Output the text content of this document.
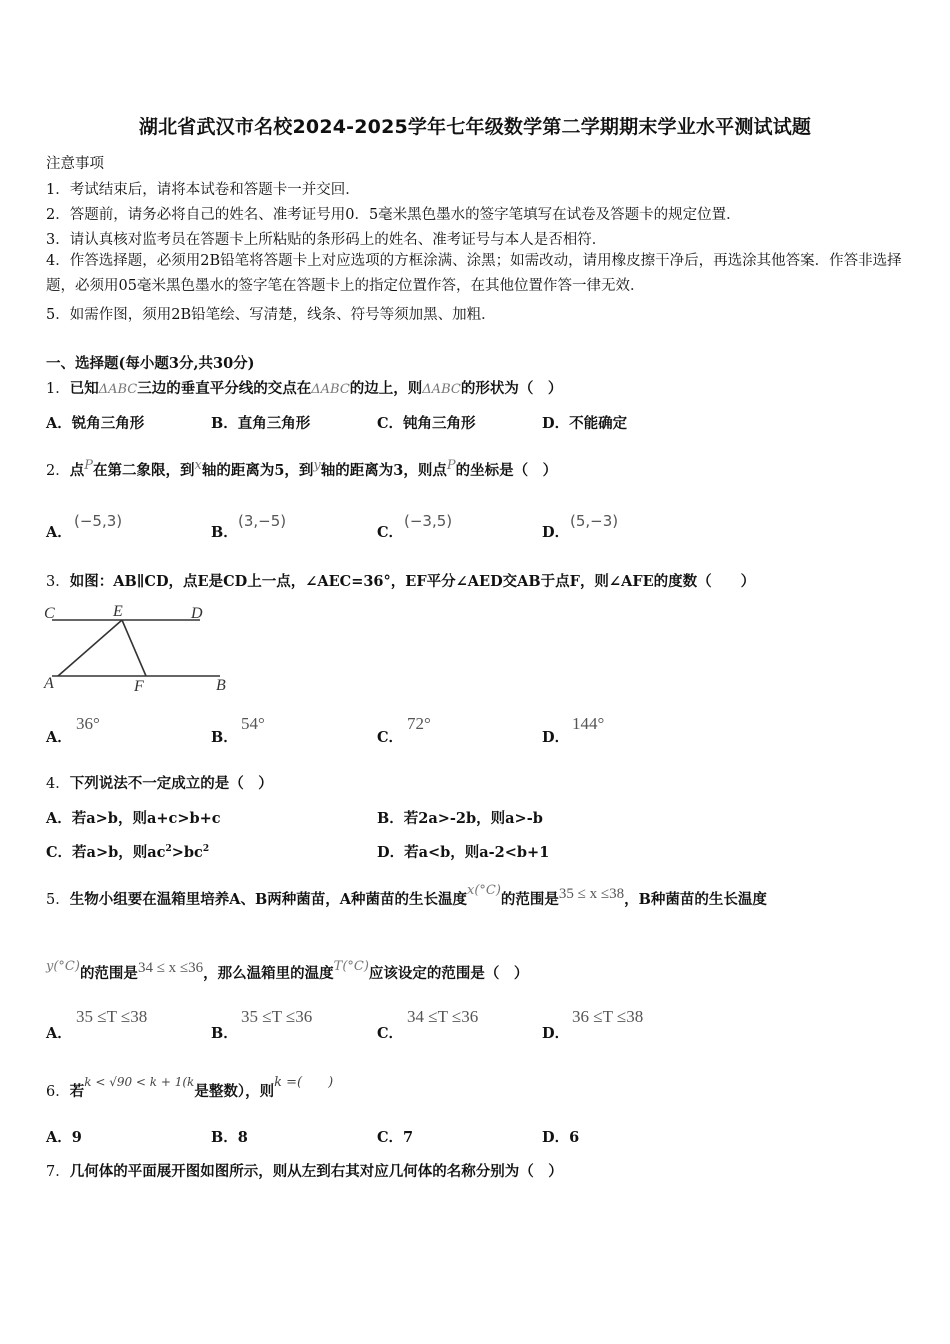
湖北省武汉市名校2024-2025学年七年级数学第二学期期末学业水平测试试题
注意事项
1．考试结束后，请将本试卷和答题卡一并交回．
2．答题前，请务必将自己的姓名、准考证号用0．5毫米黑色墨水的签字笔填写在试卷及答题卡的规定位置．
3．请认真核对监考员在答题卡上所粘贴的条形码上的姓名、准考证号与本人是否相符．
4．作答选择题，必须用2B铅笔将答题卡上对应选项的方框涂满、涂黑；如需改动，请用橡皮擦干净后，再选涂其他答案．作答非选择题，必须用05毫米黑色墨水的签字笔在答题卡上的指定位置作答，在其他位置作答一律无效．
5．如需作图，须用2B铅笔绘、写清楚，线条、符号等须加黑、加粗．
一、选择题(每小题3分,共30分)
1．已知ΔABC三边的垂直平分线的交点在ΔABC的边上，则ΔABC的形状为（　）
A．锐角三角形	B．直角三角形	C．钝角三角形	D．不能确定
2．点$^P$在第二象限，到$^x$轴的距离为5，到$^y$轴的距离为3，则点$^P$的坐标是（　）
A．
(−5,3)
B．
(3,−5)
C．
(−3,5)
D．
(5,−3)
3．如图：AB∥CD，点E是CD上一点，∠AEC=36°，EF平分∠AED交AB于点F，则∠AFE的度数（　　）
C	E	D
A	F	B
A．
36°
B．
54°
C．
72°
D．
144°
4．下列说法不一定成立的是（　）
A．若a>b，则a+c>b+c	B．若2a>-2b，则a>-b
C．若a>b，则$ac^2>bc^2$	D．若a<b，则a-2<b+1
5．生物小组要在温箱里培养A、B两种菌苗，A种菌苗的生长温度x(°C)的范围是35 ≤ x ≤38，B种菌苗的生长温度
y(°C)的范围是34 ≤ x ≤36，那么温箱里的温度T(°C)应该设定的范围是（　）
A．
35 ≤T ≤38
B．
35 ≤T ≤36
C．
34 ≤T ≤36
D．
36 ≤T ≤38
6．若$^{k < √90 < k + 1(k}$是整数），则k =(　　)
A．9	B．8	C．7	D．6
7．几何体的平面展开图如图所示，则从左到右其对应几何体的名称分别为（　）
